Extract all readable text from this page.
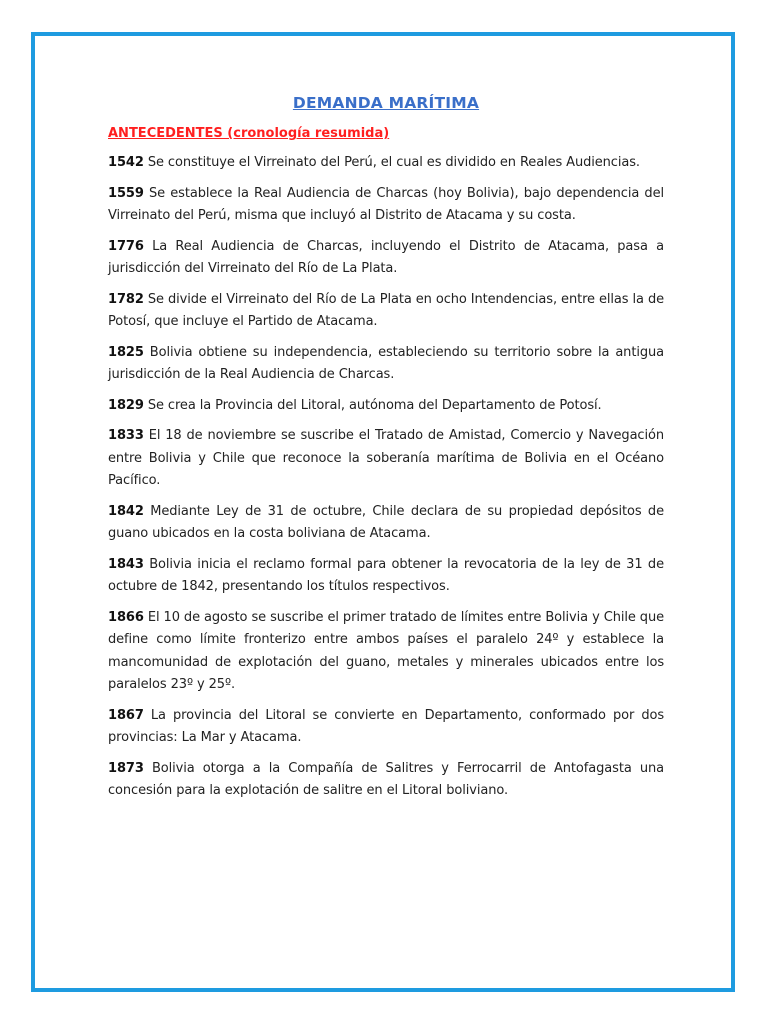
DEMANDA MARÍTIMA
ANTECEDENTES (cronología resumida)

1542 Se constituye el Virreinato del Perú, el cual es dividido en Reales Audiencias.

1559 Se establece la Real Audiencia de Charcas (hoy Bolivia), bajo dependencia del Virreinato del Perú, misma que incluyó al Distrito de Atacama y su costa.

1776 La Real Audiencia de Charcas, incluyendo el Distrito de Atacama, pasa a jurisdicción del Virreinato del Río de La Plata.

1782 Se divide el Virreinato del Río de La Plata en ocho Intendencias, entre ellas la de Potosí, que incluye el Partido de Atacama.

1825 Bolivia obtiene su independencia, estableciendo su territorio sobre la antigua jurisdicción de la Real Audiencia de Charcas.

1829 Se crea la Provincia del Litoral, autónoma del Departamento de Potosí.

1833 El 18 de noviembre se suscribe el Tratado de Amistad, Comercio y Navegación entre Bolivia y Chile que reconoce la soberanía marítima de Bolivia en el Océano Pacífico.

1842 Mediante Ley de 31 de octubre, Chile declara de su propiedad depósitos de guano ubicados en la costa boliviana de Atacama.

1843 Bolivia inicia el reclamo formal para obtener la revocatoria de la ley de 31 de octubre de 1842, presentando los títulos respectivos.

1866 El 10 de agosto se suscribe el primer tratado de límites entre Bolivia y Chile que define como límite fronterizo entre ambos países el paralelo 24º y establece la mancomunidad de explotación del guano, metales y minerales ubicados entre los paralelos 23º y 25º.

1867 La provincia del Litoral se convierte en Departamento, conformado por dos provincias: La Mar y Atacama.

1873 Bolivia otorga a la Compañía de Salitres y Ferrocarril de Antofagasta una concesión para la explotación de salitre en el Litoral boliviano.
